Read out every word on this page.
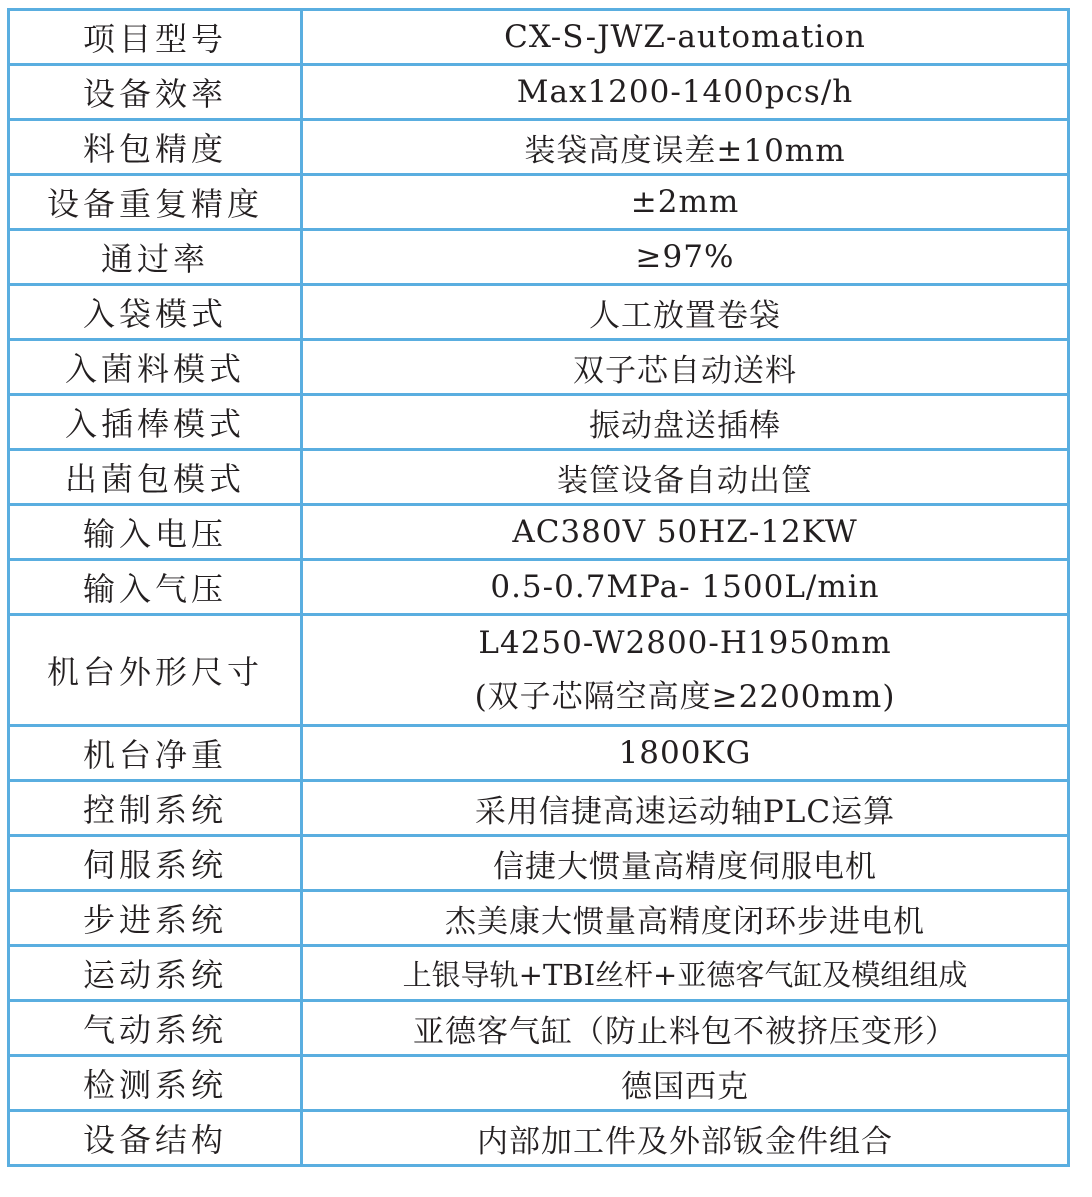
项目型号	CX-S-JWZ-automation
设备效率	Max1200-1400pcs/h
料包精度	装袋高度误差±10mm
设备重复精度	±2mm
通过率	≥97%
入袋模式	人工放置卷袋
入菌料模式	双子芯自动送料
入插棒模式	振动盘送插棒
出菌包模式	装筐设备自动出筐
输入电压	AC380V 50HZ-12KW
输入气压	0.5-0.7MPa- 1500L/min
机台外形尺寸	L4250-W2800-H1950mm
(双子芯隔空高度≥2200mm)

机台净重	1800KG
控制系统	采用信捷高速运动轴PLC运算
伺服系统	信捷大惯量高精度伺服电机
步进系统	杰美康大惯量高精度闭环步进电机
运动系统	上银导轨+TBI丝杆+亚德客气缸及模组组成
气动系统	亚德客气缸（防止料包不被挤压变形）
检测系统	德国西克
设备结构	内部加工件及外部钣金件组合
